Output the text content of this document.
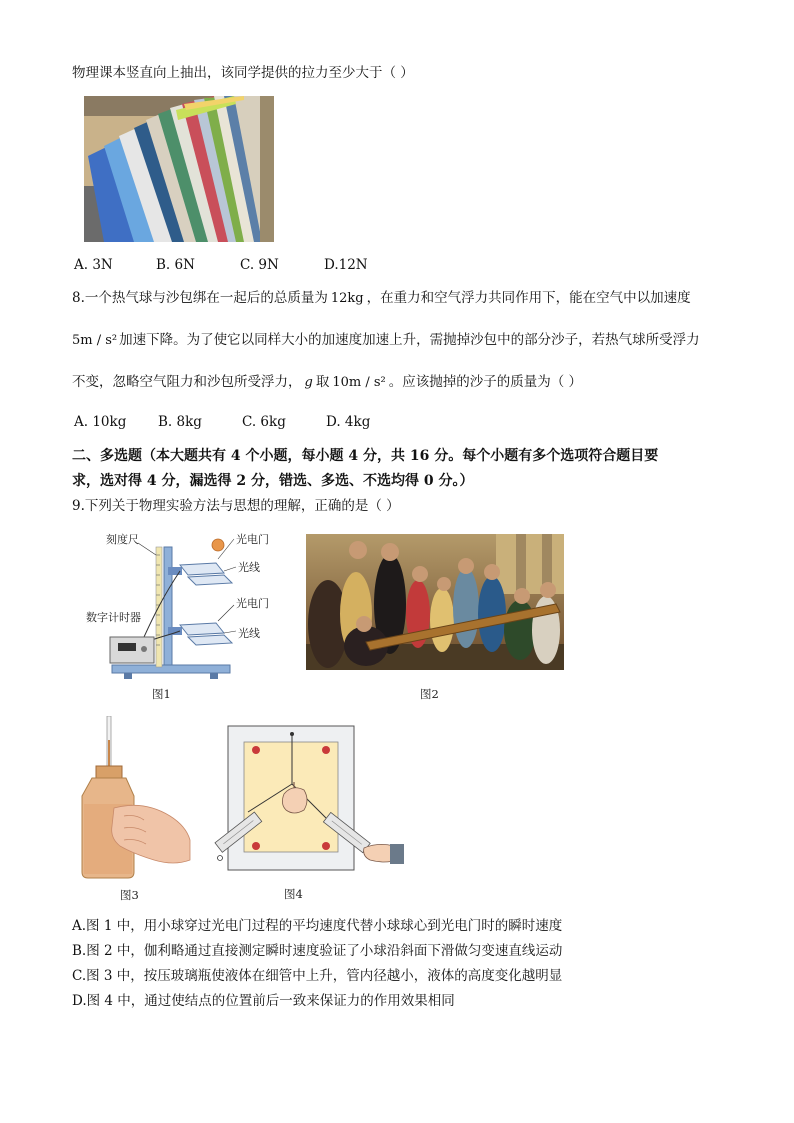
物理课本竖直向上抽出，该同学提供的拉力至少大于（ ）
A. 3N	B. 6N	C. 9N	D.12N
8.一个热气球与沙包绑在一起后的总质量为 12kg ，在重力和空气浮力共同作用下，能在空气中以加速度
5m / s² 加速下降。为了使它以同样大小的加速度加速上升，需抛掉沙包中的部分沙子，若热气球所受浮力
不变，忽略空气阻力和沙包所受浮力， g 取 10m / s² 。应该抛掉的沙子的质量为（ ）
A. 10kg B. 8kg	C. 6kg	D. 4kg
二、多选题（本大题共有 4 个小题，每小题 4 分，共 16 分。每个小题有多个选项符合题目要
求，选对得 4 分，漏选得 2 分，错选、多选、不选均得 0 分。）
9.下列关于物理实验方法与思想的理解，正确的是（ ）
刻度尺	光电门
光线
光电门
光线
数字计时器
图1	图2
图3	图4
A.图 1 中，用小球穿过光电门过程的平均速度代替小球球心到光电门时的瞬时速度
B.图 2 中，伽利略通过直接测定瞬时速度验证了小球沿斜面下滑做匀变速直线运动
C.图 3 中，按压玻璃瓶使液体在细管中上升，管内径越小，液体的高度变化越明显
D.图 4 中，通过使结点的位置前后一致来保证力的作用效果相同
